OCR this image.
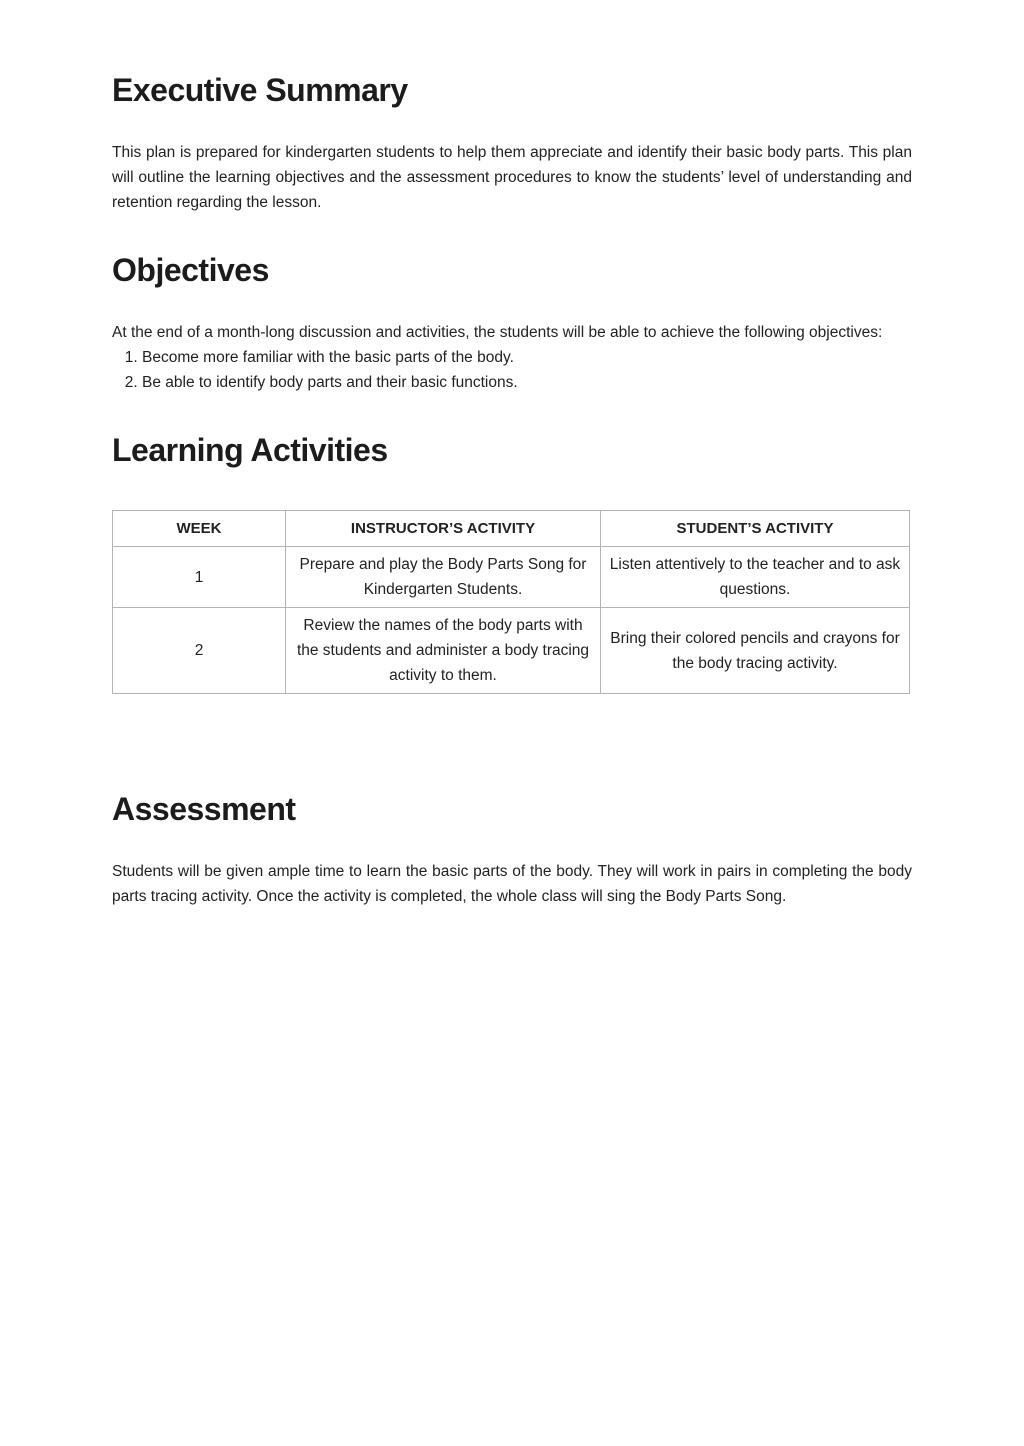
Executive Summary

This plan is prepared for kindergarten students to help them appreciate and identify their basic body parts. This plan will outline the learning objectives and the assessment procedures to know the students’ level of understanding and retention regarding the lesson.

Objectives

At the end of a month-long discussion and activities, the students will be able to achieve the following objectives:

1. Become more familiar with the basic parts of the body.
2. Be able to identify body parts and their basic functions.
Learning Activities
WEEK	INSTRUCTOR’S ACTIVITY	STUDENT’S ACTIVITY
1	Prepare and play the Body Parts Song for Kindergarten Students.	Listen attentively to the teacher and to ask questions.
2	Review the names of the body parts with the students and administer a body tracing activity to them.	Bring their colored pencils and crayons for the body tracing activity.
Assessment

Students will be given ample time to learn the basic parts of the body. They will work in pairs in completing the body parts tracing activity. Once the activity is completed, the whole class will sing the Body Parts Song.
